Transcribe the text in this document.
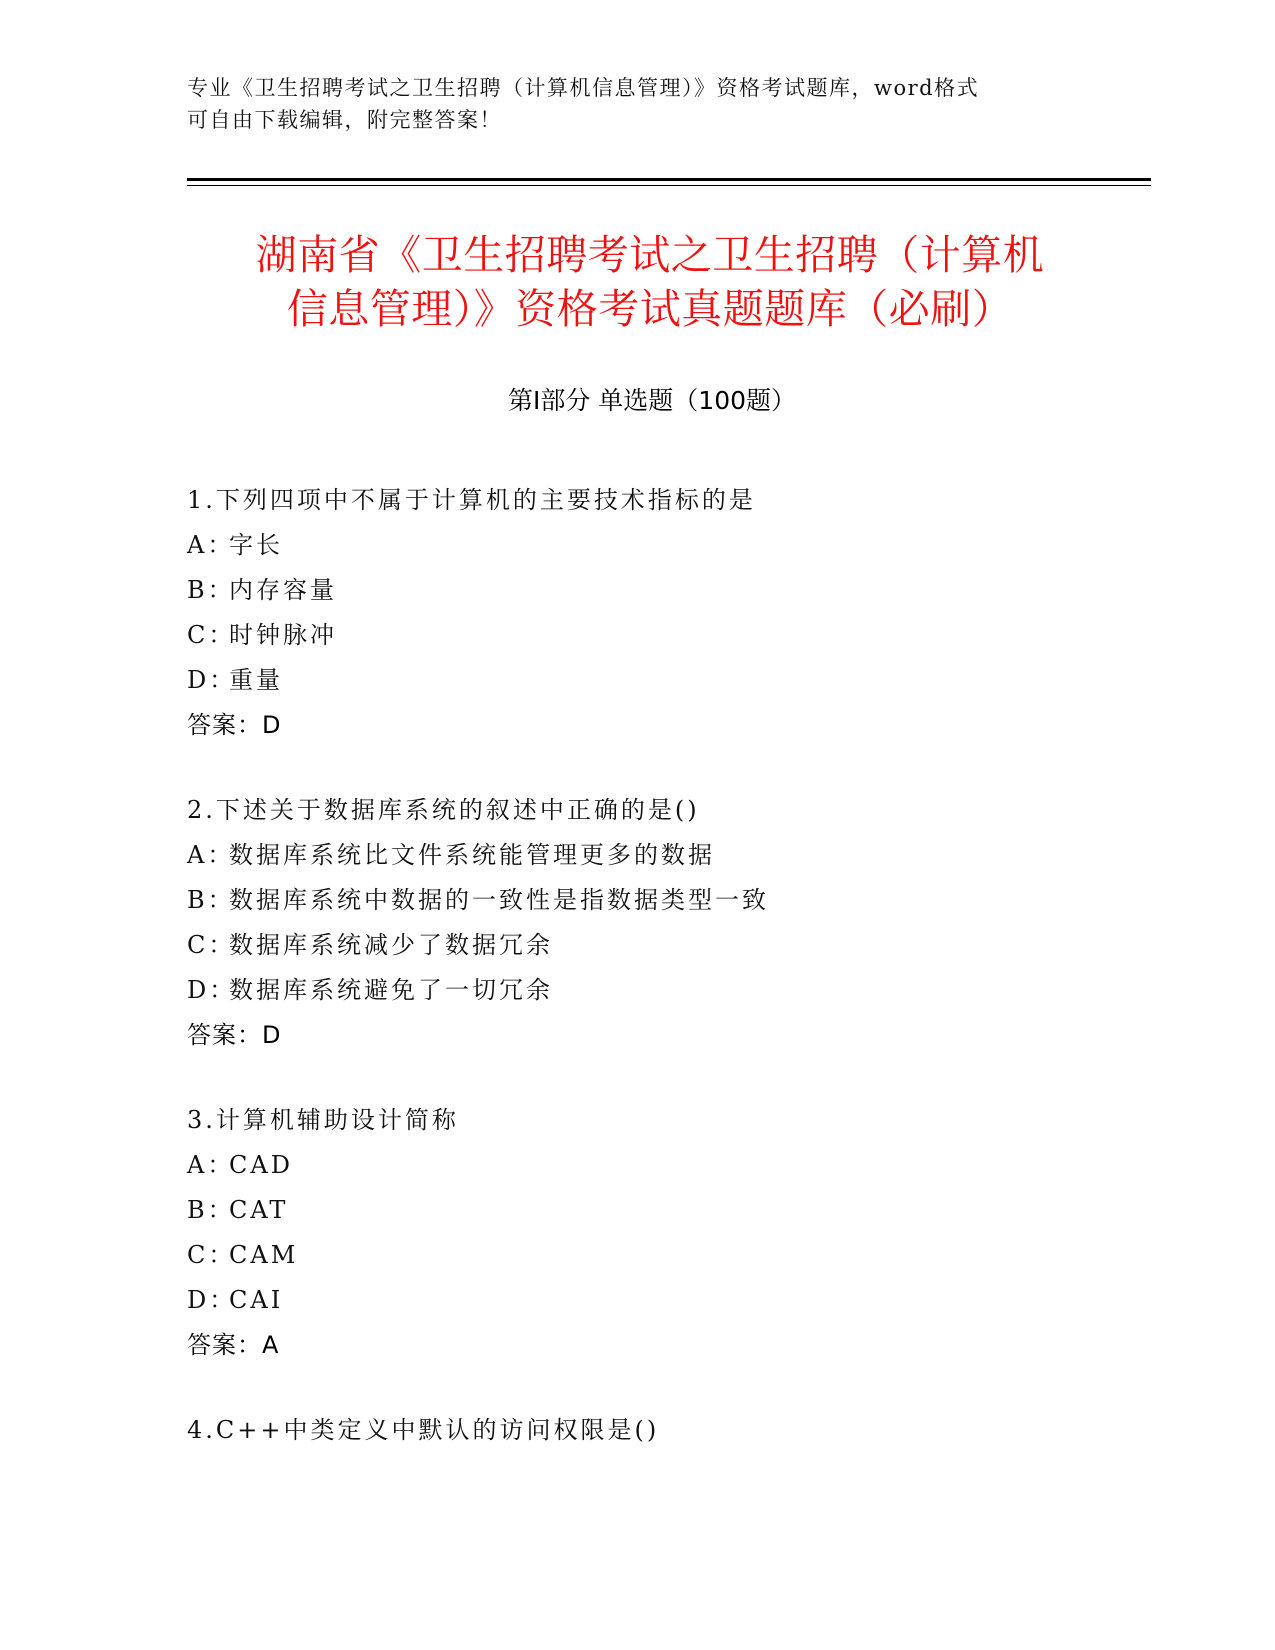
专业《卫生招聘考试之卫生招聘（计算机信息管理）》资格考试题库，word格式
可自由下载编辑，附完整答案！
湖南省《卫生招聘考试之卫生招聘（计算机
信息管理）》资格考试真题题库（必刷）
第Ⅰ部分 单选题（100题）
1.下列四项中不属于计算机的主要技术指标的是
A：字长
B：内存容量
C：时钟脉冲
D：重量
答案：D
2.下述关于数据库系统的叙述中正确的是()
A：数据库系统比文件系统能管理更多的数据
B：数据库系统中数据的一致性是指数据类型一致
C：数据库系统减少了数据冗余
D：数据库系统避免了一切冗余
答案：D
3.计算机辅助设计简称
A：CAD
B：CAT
C：CAM
D：CAI
答案：A
4.C++中类定义中默认的访问权限是()
